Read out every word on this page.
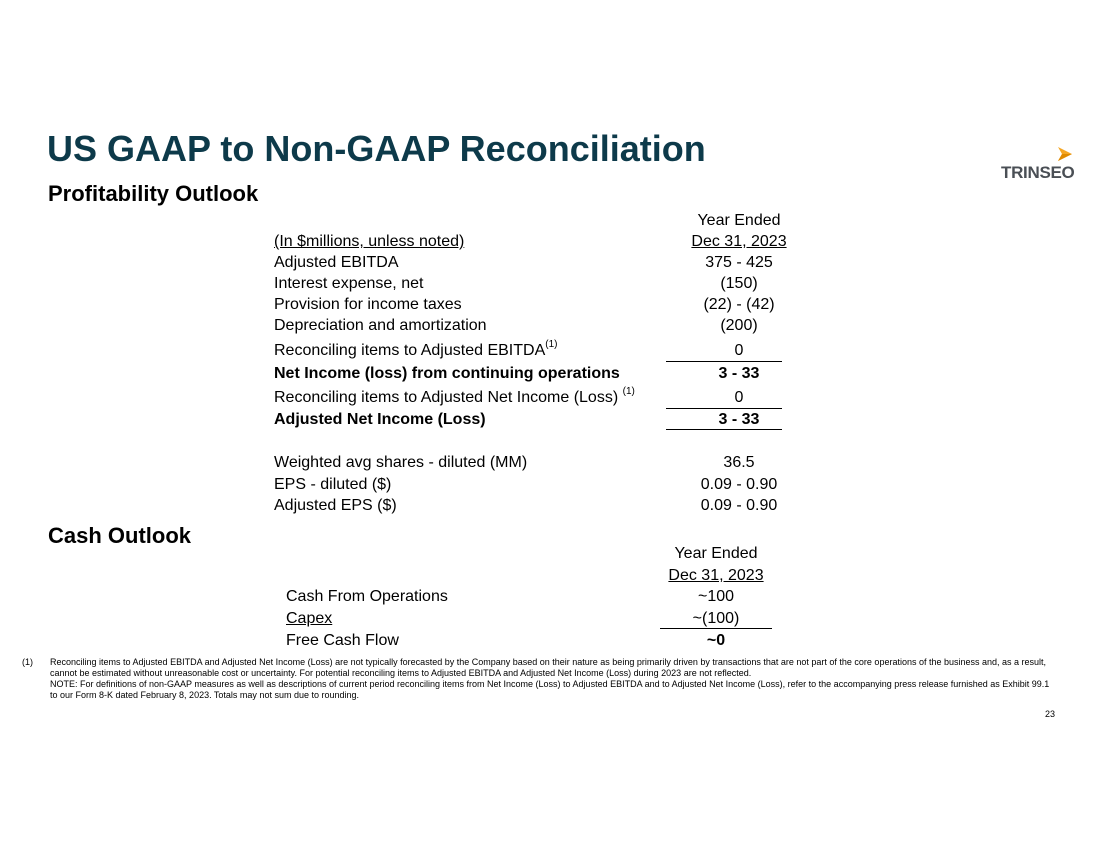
US GAAP to Non-GAAP Reconciliation
TRINSEO
Profitability Outlook
Year Ended
(In $millions, unless noted)	Dec 31, 2023
Adjusted EBITDA	375 - 425
Interest expense, net	(150)
Provision for income taxes	(22) - (42)
Depreciation and amortization	(200)
Reconciling items to Adjusted EBITDA$^{(1)}$	0
Net Income (loss) from continuing operations	3 - 33
Reconciling items to Adjusted Net Income (Loss) $^{(1)}$	0
Adjusted Net Income (Loss)	3 - 33
Weighted avg shares - diluted (MM)	36.5
EPS - diluted ($)	0.09 - 0.90
Adjusted EPS ($)	0.09 - 0.90
Cash Outlook
Year Ended
Dec 31, 2023
Cash From Operations	~100
Capex	~(100)
Free Cash Flow	~0
(1) Reconciling items to Adjusted EBITDA and Adjusted Net Income (Loss) are not typically forecasted by the Company based on their nature as being primarily driven by transactions that are not part of the core operations of the business and, as a result, cannot be estimated without unreasonable cost or uncertainty. For potential reconciling items to Adjusted EBITDA and Adjusted Net Income (Loss) during 2023 are not reflected.

NOTE: For definitions of non-GAAP measures as well as descriptions of current period reconciling items from Net Income (Loss) to Adjusted EBITDA and to Adjusted Net Income (Loss), refer to the accompanying press release furnished as Exhibit 99.1 to our Form 8-K dated February 8, 2023. Totals may not sum due to rounding.

23
